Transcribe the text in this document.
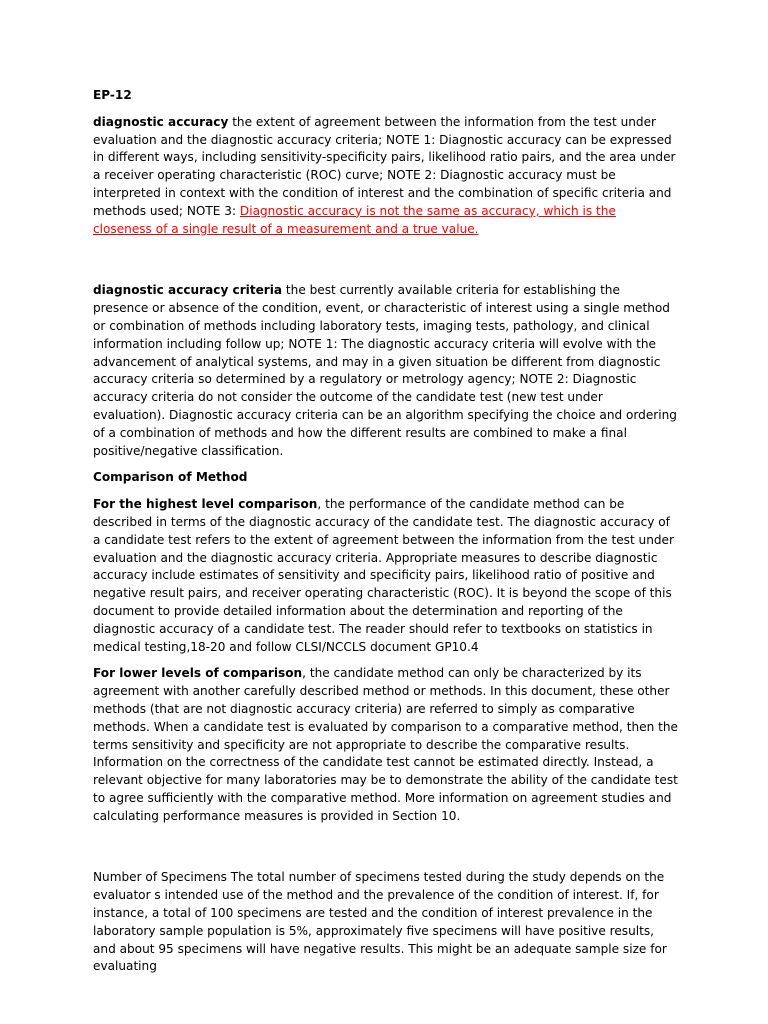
EP-12

diagnostic accuracy the extent of agreement between the information from the test under evaluation and the diagnostic accuracy criteria; NOTE 1: Diagnostic accuracy can be expressed in different ways, including sensitivity-specificity pairs, likelihood ratio pairs, and the area under a receiver operating characteristic (ROC) curve; NOTE 2: Diagnostic accuracy must be interpreted in context with the condition of interest and the combination of specific criteria and methods used; NOTE 3: Diagnostic accuracy is not the same as accuracy, which is the closeness of a single result of a measurement and a true value.

diagnostic accuracy criteria the best currently available criteria for establishing the presence or absence of the condition, event, or characteristic of interest using a single method or combination of methods including laboratory tests, imaging tests, pathology, and clinical information including follow up; NOTE 1: The diagnostic accuracy criteria will evolve with the advancement of analytical systems, and may in a given situation be different from diagnostic accuracy criteria so determined by a regulatory or metrology agency; NOTE 2: Diagnostic accuracy criteria do not consider the outcome of the candidate test (new test under evaluation). Diagnostic accuracy criteria can be an algorithm specifying the choice and ordering of a combination of methods and how the different results are combined to make a final positive/negative classification.

Comparison of Method

For the highest level comparison, the performance of the candidate method can be described in terms of the diagnostic accuracy of the candidate test. The diagnostic accuracy of a candidate test refers to the extent of agreement between the information from the test under evaluation and the diagnostic accuracy criteria. Appropriate measures to describe diagnostic accuracy include estimates of sensitivity and specificity pairs, likelihood ratio of positive and negative result pairs, and receiver operating characteristic (ROC). It is beyond the scope of this document to provide detailed information about the determination and reporting of the diagnostic accuracy of a candidate test. The reader should refer to textbooks on statistics in medical testing,18-20 and follow CLSI/NCCLS document GP10.4

For lower levels of comparison, the candidate method can only be characterized by its agreement with another carefully described method or methods. In this document, these other methods (that are not diagnostic accuracy criteria) are referred to simply as comparative methods. When a candidate test is evaluated by comparison to a comparative method, then the terms sensitivity and specificity are not appropriate to describe the comparative results. Information on the correctness of the candidate test cannot be estimated directly. Instead, a relevant objective for many laboratories may be to demonstrate the ability of the candidate test to agree sufficiently with the comparative method. More information on agreement studies and calculating performance measures is provided in Section 10.

Number of Specimens The total number of specimens tested during the study depends on the evaluator s intended use of the method and the prevalence of the condition of interest. If, for instance, a total of 100 specimens are tested and the condition of interest prevalence in the laboratory sample population is 5%, approximately five specimens will have positive results, and about 95 specimens will have negative results. This might be an adequate sample size for evaluating
